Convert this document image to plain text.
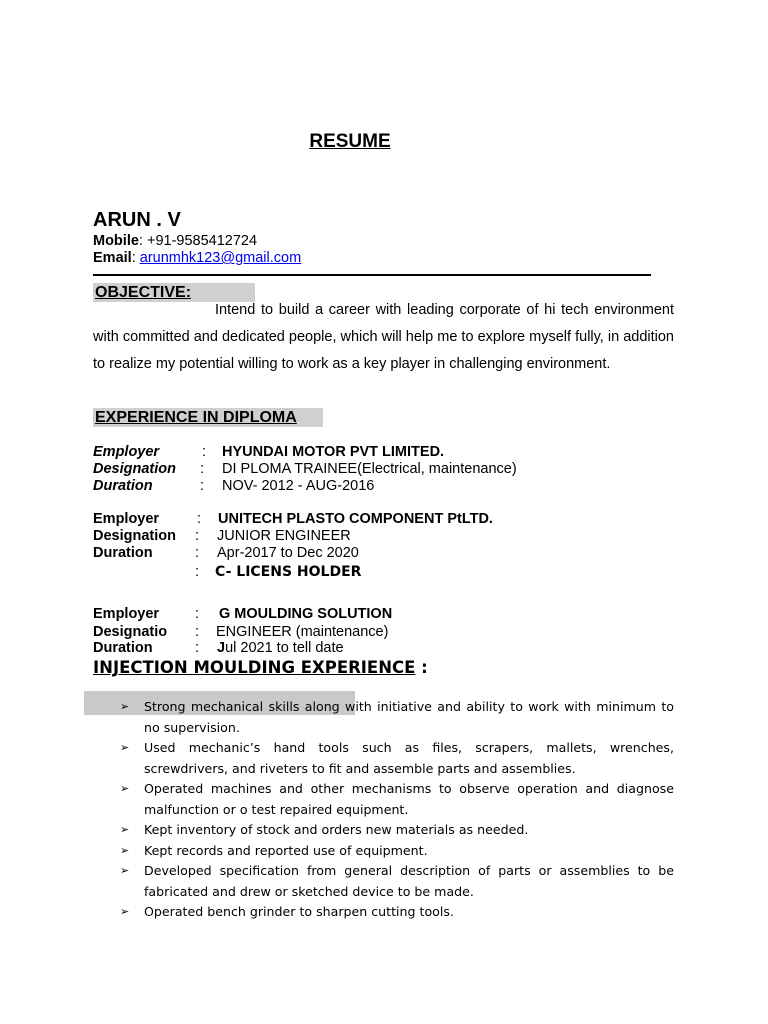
RESUME
ARUN . V
Mobile: +91-9585412724
Email: arunmhk123@gmail.com
OBJECTIVE:
Intend to build a career with leading corporate of hi tech environment with committed and dedicated people, which will help me to explore myself fully, in addition to realize my potential willing to work as a key player in challenging environment.
EXPERIENCE IN DIPLOMA
Employer	: HYUNDAI MOTOR PVT LIMITED.
Designation : DI PLOMA TRAINEE(Electrical, maintenance)
Duration	: NOV- 2012 - AUG-2016
Employer	: UNITECH PLASTO COMPONENT PtLTD.
Designation : JUNIOR ENGINEER
Duration	: Apr-2017 to Dec 2020
: C- LICENS HOLDER
Employer : G MOULDING SOLUTION
Designatio : ENGINEER (maintenance)
Duration	: Jul 2021 to tell date
INJECTION MOULDING EXPERIENCE :
➢ Strong mechanical skills along with initiative and ability to work with minimum to no supervision.
➢ Used mechanic’s hand tools such as files, scrapers, mallets, wrenches, screwdrivers, and riveters to fit and assemble parts and assemblies.
➢ Operated machines and other mechanisms to observe operation and diagnose malfunction or o test repaired equipment.
➢ Kept inventory of stock and orders new materials as needed.
➢ Kept records and reported use of equipment.
➢ Developed specification from general description of parts or assemblies to be fabricated and drew or sketched device to be made.
➢ Operated bench grinder to sharpen cutting tools.
